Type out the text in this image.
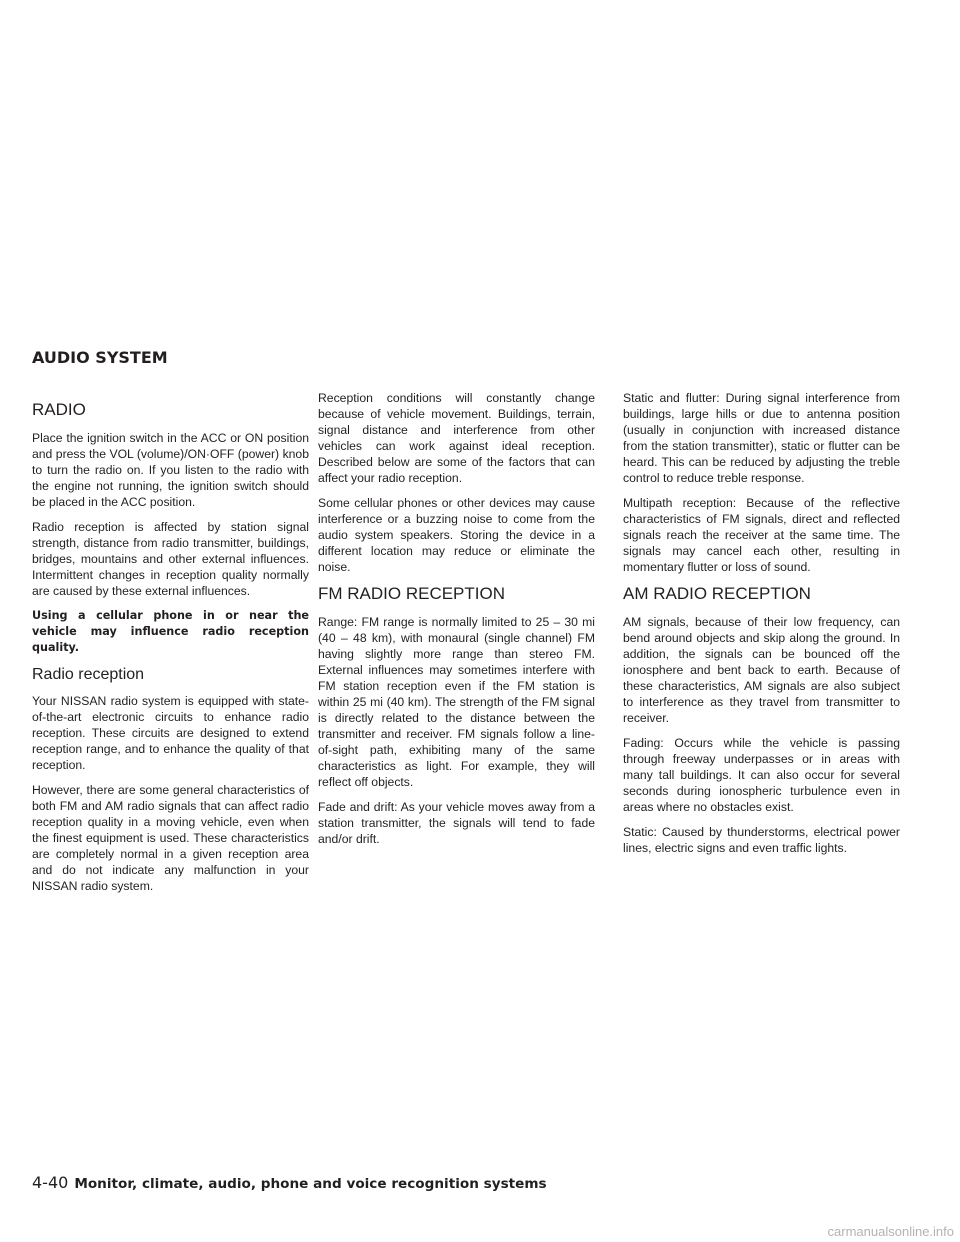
AUDIO SYSTEM
RADIO

Place the ignition switch in the ACC or ON position and press the VOL (volume)/ON·OFF (power) knob to turn the radio on. If you listen to the radio with the engine not running, the ignition switch should be placed in the ACC position.

Radio reception is affected by station signal strength, distance from radio transmitter, buildings, bridges, mountains and other external influences. Intermittent changes in reception quality normally are caused by these external influences.

Using a cellular phone in or near the vehicle may influence radio reception quality.

Radio reception

Your NISSAN radio system is equipped with state-of-the-art electronic circuits to enhance radio reception. These circuits are designed to extend reception range, and to enhance the quality of that reception.

However, there are some general characteristics of both FM and AM radio signals that can affect radio reception quality in a moving vehicle, even when the finest equipment is used. These characteristics are completely normal in a given reception area and do not indicate any malfunction in your NISSAN radio system.

Reception conditions will constantly change because of vehicle movement. Buildings, terrain, signal distance and interference from other vehicles can work against ideal reception. Described below are some of the factors that can affect your radio reception.

Some cellular phones or other devices may cause interference or a buzzing noise to come from the audio system speakers. Storing the device in a different location may reduce or eliminate the noise.

FM RADIO RECEPTION

Range: FM range is normally limited to 25 – 30 mi (40 – 48 km), with monaural (single channel) FM having slightly more range than stereo FM. External influences may sometimes interfere with FM station reception even if the FM station is within 25 mi (40 km). The strength of the FM signal is directly related to the distance between the transmitter and receiver. FM signals follow a line-of-sight path, exhibiting many of the same characteristics as light. For example, they will reflect off objects.

Fade and drift: As your vehicle moves away from a station transmitter, the signals will tend to fade and/or drift.

Static and flutter: During signal interference from buildings, large hills or due to antenna position (usually in conjunction with increased distance from the station transmitter), static or flutter can be heard. This can be reduced by adjusting the treble control to reduce treble response.

Multipath reception: Because of the reflective characteristics of FM signals, direct and reflected signals reach the receiver at the same time. The signals may cancel each other, resulting in momentary flutter or loss of sound.

AM RADIO RECEPTION

AM signals, because of their low frequency, can bend around objects and skip along the ground. In addition, the signals can be bounced off the ionosphere and bent back to earth. Because of these characteristics, AM signals are also subject to interference as they travel from transmitter to receiver.

Fading: Occurs while the vehicle is passing through freeway underpasses or in areas with many tall buildings. It can also occur for several seconds during ionospheric turbulence even in areas where no obstacles exist.

Static: Caused by thunderstorms, electrical power lines, electric signs and even traffic lights.

4-40 Monitor, climate, audio, phone and voice recognition systems
carmanualsonline.info
